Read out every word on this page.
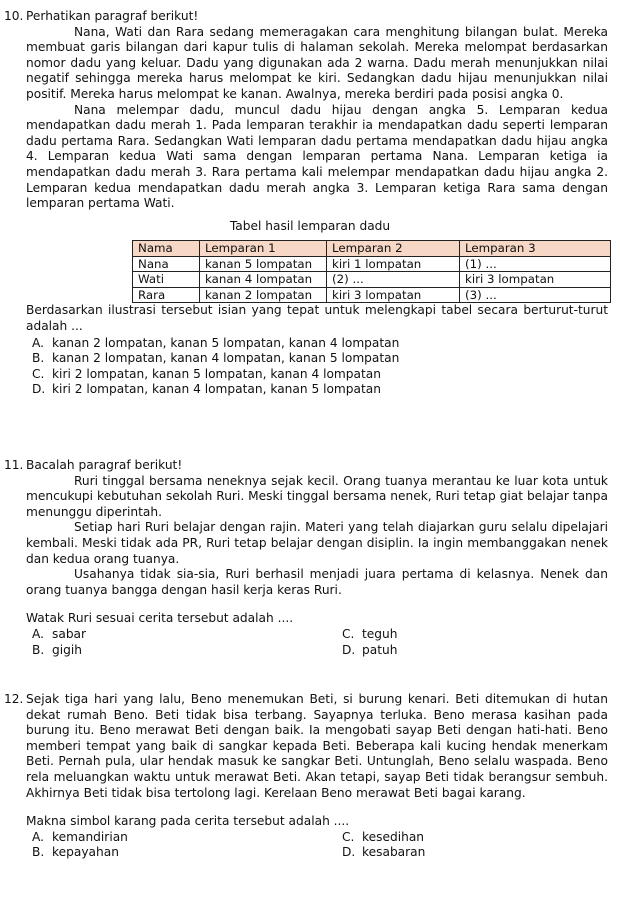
10. Perhatikan paragraf berikut!

Nana, Wati dan Rara sedang memeragakan cara menghitung bilangan bulat. Mereka membuat garis bilangan dari kapur tulis di halaman sekolah. Mereka melompat berdasarkan nomor dadu yang keluar. Dadu yang digunakan ada 2 warna. Dadu merah menunjukkan nilai negatif sehingga mereka harus melompat ke kiri. Sedangkan dadu hijau menunjukkan nilai positif. Mereka harus melompat ke kanan. Awalnya, mereka berdiri pada posisi angka 0.

Nana melempar dadu, muncul dadu hijau dengan angka 5. Lemparan kedua mendapatkan dadu merah 1. Pada lemparan terakhir ia mendapatkan dadu seperti lemparan dadu pertama Rara. Sedangkan Wati lemparan dadu pertama mendapatkan dadu hijau angka 4. Lemparan kedua Wati sama dengan lemparan pertama Nana. Lemparan ketiga ia mendapatkan dadu merah 3. Rara pertama kali melempar mendapatkan dadu hijau angka 2. Lemparan kedua mendapatkan dadu merah angka 3. Lemparan ketiga Rara sama dengan lemparan pertama Wati.

Tabel hasil lemparan dadu
Nama	Lemparan 1	Lemparan 2	Lemparan 3
Nana	kanan 5 lompatan	kiri 1 lompatan	(1) ...
Wati	kanan 4 lompatan	(2) ...	kiri 3 lompatan
Rara	kanan 2 lompatan	kiri 3 lompatan	(3) ...

Berdasarkan ilustrasi tersebut isian yang tepat untuk melengkapi tabel secara berturut-turut adalah ...

A. kanan 2 lompatan, kanan 5 lompatan, kanan 4 lompatan
B. kanan 2 lompatan, kanan 4 lompatan, kanan 5 lompatan
C. kiri 2 lompatan, kanan 5 lompatan, kanan 4 lompatan
D. kiri 2 lompatan, kanan 4 lompatan, kanan 5 lompatan
11. Bacalah paragraf berikut!

Ruri tinggal bersama neneknya sejak kecil. Orang tuanya merantau ke luar kota untuk mencukupi kebutuhan sekolah Ruri. Meski tinggal bersama nenek, Ruri tetap giat belajar tanpa menunggu diperintah.

Setiap hari Ruri belajar dengan rajin. Materi yang telah diajarkan guru selalu dipelajari kembali. Meski tidak ada PR, Ruri tetap belajar dengan disiplin. Ia ingin membanggakan nenek dan kedua orang tuanya.

Usahanya tidak sia-sia, Ruri berhasil menjadi juara pertama di kelasnya. Nenek dan orang tuanya bangga dengan hasil kerja keras Ruri.

Watak Ruri sesuai cerita tersebut adalah ....

A. sabar	C. teguh
B. gigih	D. patuh
12. Sejak tiga hari yang lalu, Beno menemukan Beti, si burung kenari. Beti ditemukan di hutan dekat rumah Beno. Beti tidak bisa terbang. Sayapnya terluka. Beno merasa kasihan pada burung itu. Beno merawat Beti dengan baik. Ia mengobati sayap Beti dengan hati-hati. Beno memberi tempat yang baik di sangkar kepada Beti. Beberapa kali kucing hendak menerkam Beti. Pernah pula, ular hendak masuk ke sangkar Beti. Untunglah, Beno selalu waspada. Beno rela meluangkan waktu untuk merawat Beti. Akan tetapi, sayap Beti tidak berangsur sembuh. Akhirnya Beti tidak bisa tertolong lagi. Kerelaan Beno merawat Beti bagai karang.

Makna simbol karang pada cerita tersebut adalah ....

A. kemandirian	C. kesedihan
B. kepayahan	D. kesabaran
